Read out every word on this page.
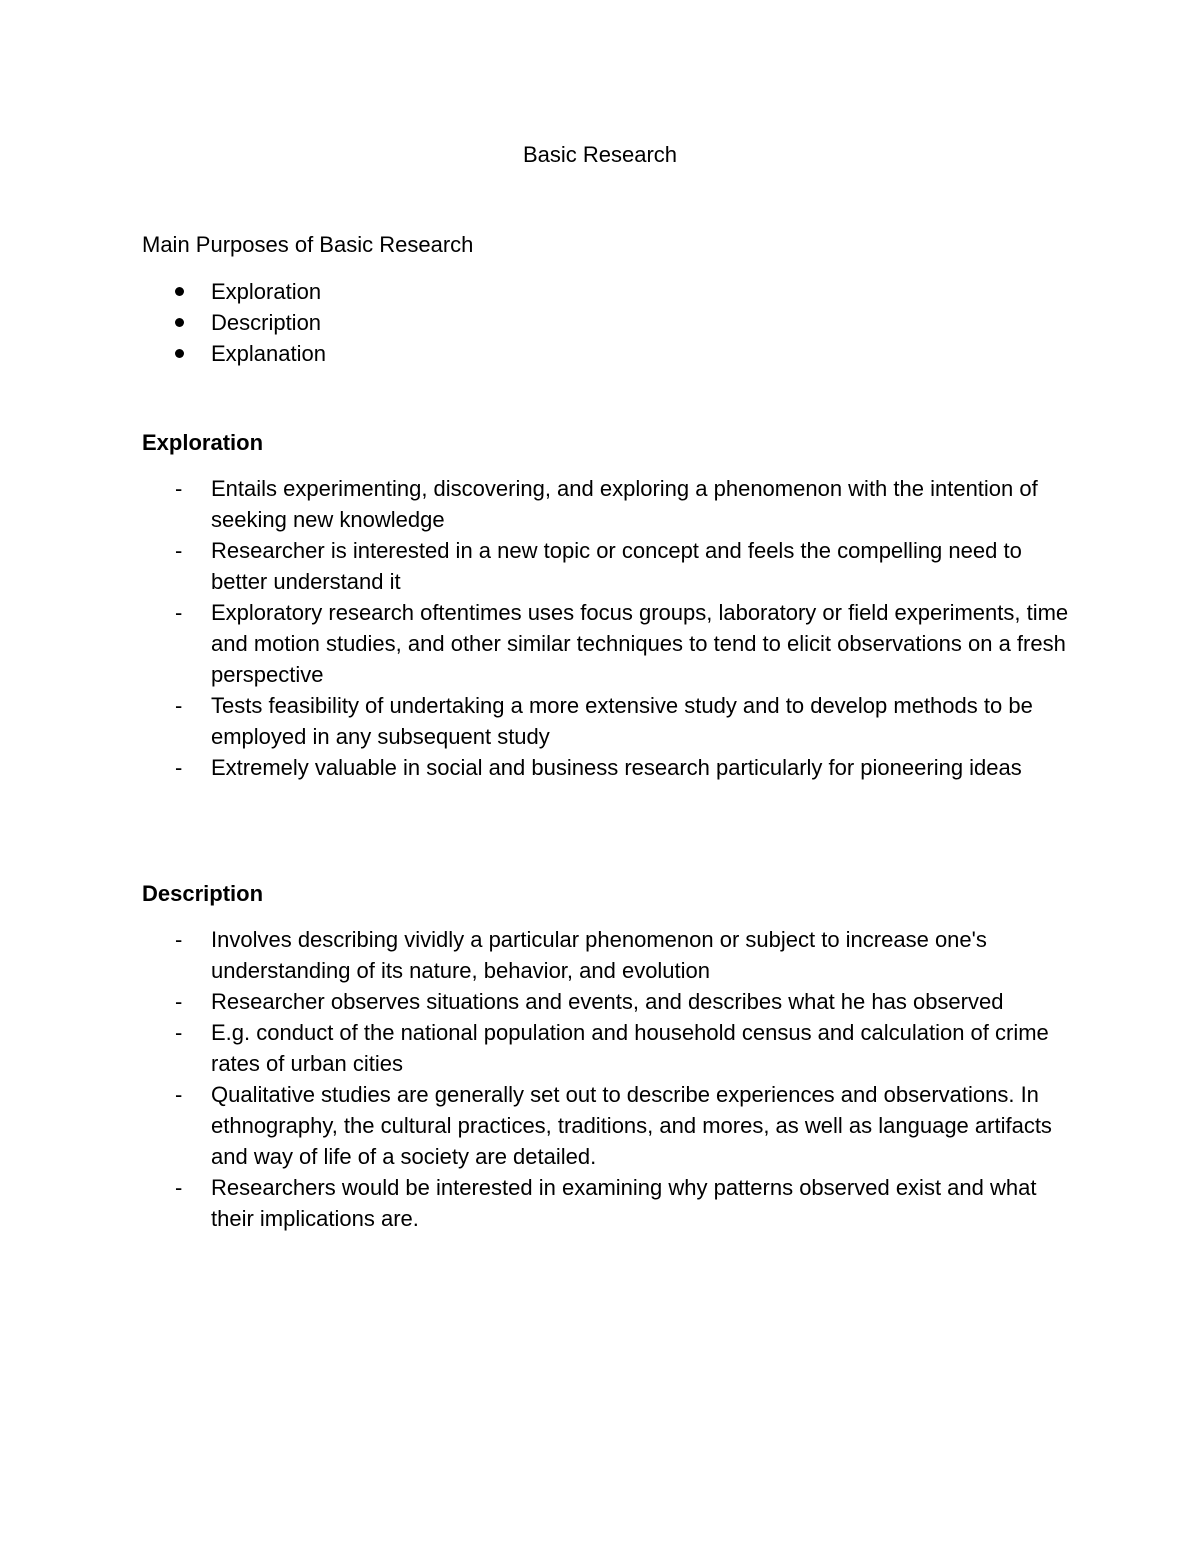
Basic Research
Main Purposes of Basic Research
Exploration
Description
Explanation
Exploration
- Entails experimenting, discovering, and exploring a phenomenon with the intention of seeking new knowledge
- Researcher is interested in a new topic or concept and feels the compelling need to better understand it
- Exploratory research oftentimes uses focus groups, laboratory or field experiments, time and motion studies, and other similar techniques to tend to elicit observations on a fresh perspective
- Tests feasibility of undertaking a more extensive study and to develop methods to be employed in any subsequent study
- Extremely valuable in social and business research particularly for pioneering ideas
Description
- Involves describing vividly a particular phenomenon or subject to increase one's understanding of its nature, behavior, and evolution
- Researcher observes situations and events, and describes what he has observed
- E.g. conduct of the national population and household census and calculation of crime rates of urban cities
- Qualitative studies are generally set out to describe experiences and observations. In ethnography, the cultural practices, traditions, and mores, as well as language artifacts and way of life of a society are detailed.
- Researchers would be interested in examining why patterns observed exist and what their implications are.
